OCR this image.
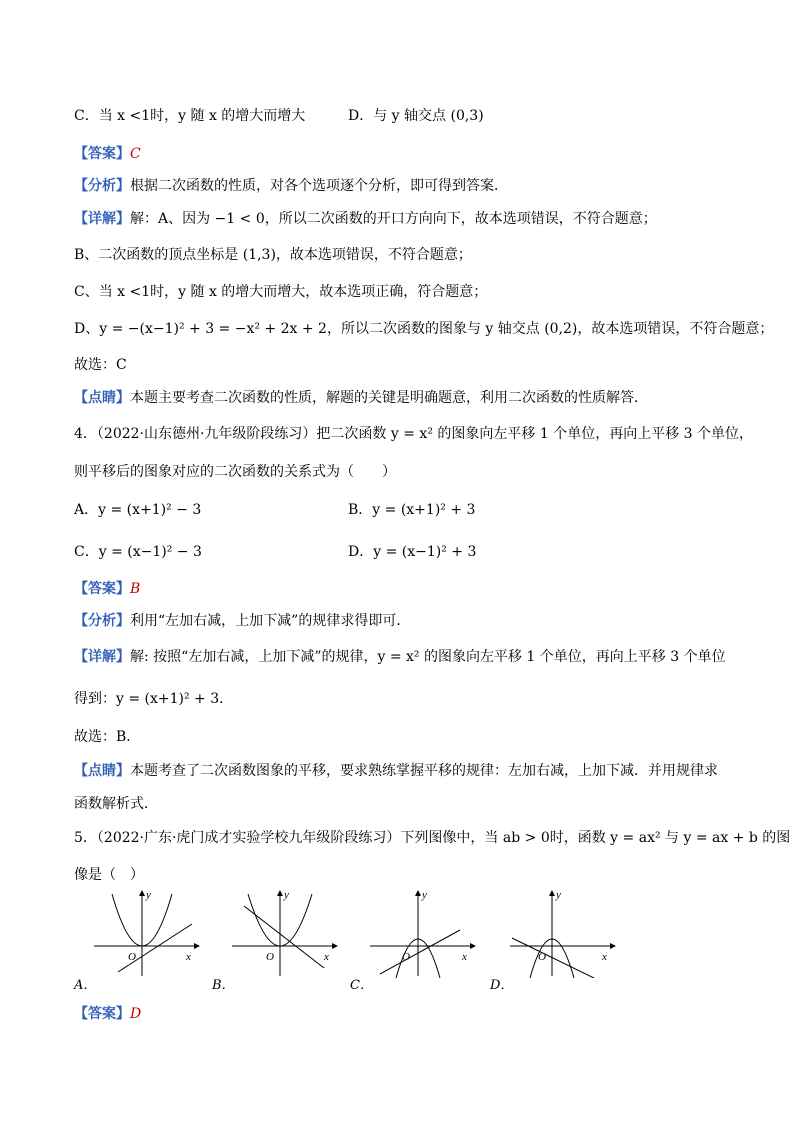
C．当 x <1时，y 随 x 的增大而增大	D．与 y 轴交点 (0,3)
【答案】C
【分析】根据二次函数的性质，对各个选项逐个分析，即可得到答案．
【详解】解：A、因为 −1 < 0，所以二次函数的开口方向向下，故本选项错误，不符合题意；
B、二次函数的顶点坐标是 (1,3)，故本选项错误，不符合题意；
C、当 x <1时，y 随 x 的增大而增大，故本选项正确，符合题意；
D、y = −(x−1)² + 3 = −x² + 2x + 2，所以二次函数的图象与 y 轴交点 (0,2)，故本选项错误，不符合题意；
故选：C
【点睛】本题主要考查二次函数的性质，解题的关键是明确题意，利用二次函数的性质解答．
4．（2022·山东德州·九年级阶段练习）把二次函数 y = x² 的图象向左平移 1 个单位，再向上平移 3 个单位，
则平移后的图象对应的二次函数的关系式为（　　）
A．y = (x+1)² − 3	B．y = (x+1)² + 3
C．y = (x−1)² − 3	D．y = (x−1)² + 3
【答案】B
【分析】利用“左加右减，上加下减”的规律求得即可．
【详解】解: 按照“左加右减，上加下减”的规律，y = x² 的图象向左平移 1 个单位，再向上平移 3 个单位
得到：y = (x+1)² + 3．
故选：B．
【点睛】本题考查了二次函数图象的平移，要求熟练掌握平移的规律：左加右减，上加下减．并用规律求
函数解析式．
5．（2022·广东·虎门成才实验学校九年级阶段练习）下列图像中，当 ab > 0时，函数 y = ax² 与 y = ax + b 的图
像是（　）
y
x
O
A．
y
x
O
B．
y
x
O
C．
y
x
O
D．
【答案】D
